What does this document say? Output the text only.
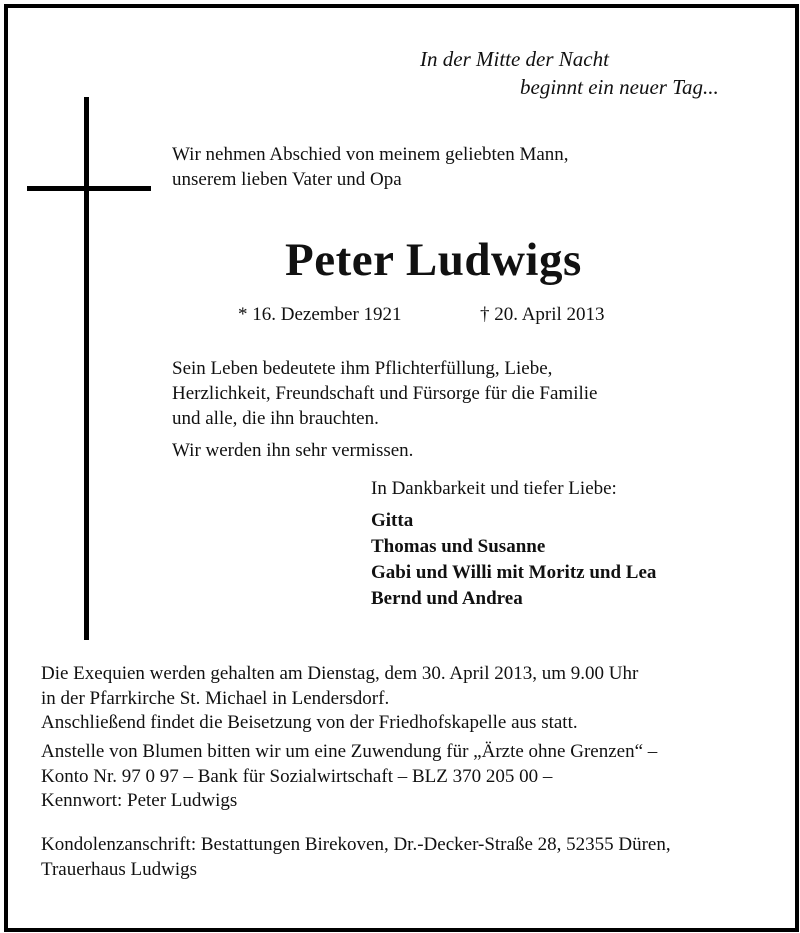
In der Mitte der Nacht
beginnt ein neuer Tag...
Wir nehmen Abschied von meinem geliebten Mann,
unserem lieben Vater und Opa
Peter Ludwigs
* 16. Dezember 1921	† 20. April 2013
Sein Leben bedeutete ihm Pflichterfüllung, Liebe,
Herzlichkeit, Freundschaft und Fürsorge für die Familie
und alle, die ihn brauchten.
Wir werden ihn sehr vermissen.
In Dankbarkeit und tiefer Liebe:
Gitta
Thomas und Susanne
Gabi und Willi mit Moritz und Lea
Bernd und Andrea
Die Exequien werden gehalten am Dienstag, dem 30. April 2013, um 9.00 Uhr
in der Pfarrkirche St. Michael in Lendersdorf.
Anschließend findet die Beisetzung von der Friedhofskapelle aus statt.
Anstelle von Blumen bitten wir um eine Zuwendung für „Ärzte ohne Grenzen“ –
Konto Nr. 97 0 97 – Bank für Sozialwirtschaft – BLZ 370 205 00 –
Kennwort: Peter Ludwigs
Kondolenzanschrift: Bestattungen Birekoven, Dr.-Decker-Straße 28, 52355 Düren,
Trauerhaus Ludwigs
